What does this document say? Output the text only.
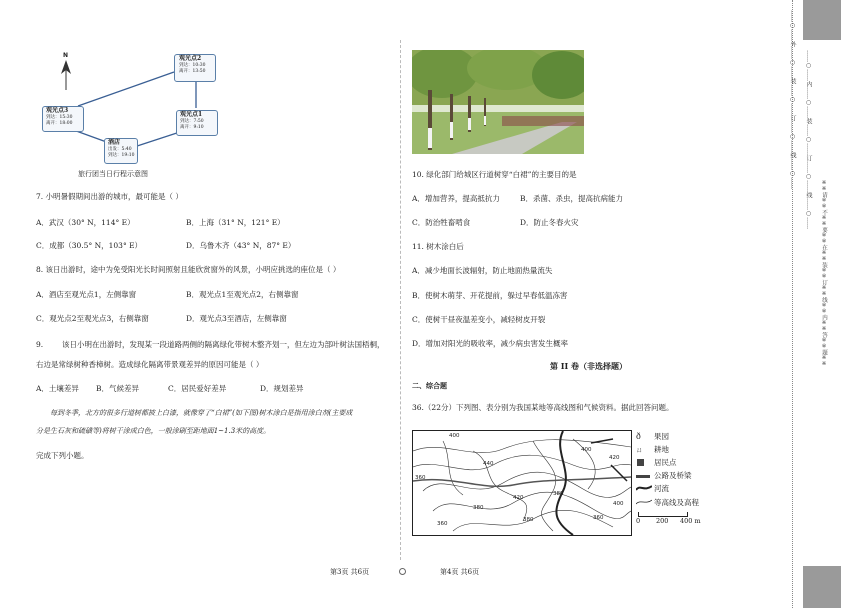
N	观光点2
到达：10:30
离开：13:50
观光点3
到达：15:30
离开：18:00
观光点1
到达：7:50
离开：9:10
酒店
出发：5:40
到达：19:10
旅行团当日行程示意图
7. 小明暑假期间出游的城市，最可能是（ ）
A．武汉（30° N，114° E）	B．上海（31° N，121° E）
C．成都（30.5° N，103° E）	D．乌鲁木齐（43° N，87° E）
8. 该日出游时，途中为免受阳光长时间照射且能欣赏窗外的风景，小明应挑选的座位是（ ）
A．酒店至观光点1，左侧靠窗	B．观光点1至观光点2，右侧靠窗
C．观光点2至观光点3，右侧靠窗	D．观光点3至酒店，左侧靠窗
9.	该日小明在出游时，发现某一段道路两侧的隔离绿化带树木整齐划一，但左边为部叶树法国梧桐，
右边是常绿树种香樟树。造成绿化隔离带景观差异的原因可能是（ ）
A．土壤差异 B．气候差异	C．居民爱好差异	D．规划差异
每到冬季，北方的很多行道树都披上白漆，就像穿了“白裙”(如下图)树木涂白是指用涂白剂(主要成
分是生石灰和硫磺等)将树干涂成白色，一般涂刷至距地面1~1.3米的高度。
完成下列小题。
10. 绿化部门给城区行道树穿“白裙”的主要目的是
A．增加营养，提高抵抗力	B．杀菌、杀虫，提高抗病能力
C．防治牲畜啃食	D．防止冬春火灾
11. 树木涂白后
A．减少地面长波辐射，防止地面热量流失
B．使树木萌芽、开花提前，躲过早春低温冻害
C．使树干昼夜温差变小，减轻树皮开裂
D．增加对阳光的吸收率，减少病虫害发生概率
第 II 卷（非选择题）
二、综合题
36.（22分）下列图、表分别为我国某地等高线图和气候资料。据此回答问题。
400
440
360
360
380
380
420
380
400
420
360
400
ð 果园
ㄩ 耕地
居民点
公路及桥梁
河流
等高线及高程
0 200 400 m
第3页 共6页	第4页 共6页
……○……外……○……装……○……订……○……线……○…… ……○……内……○……装……○……订……○……线……○……
※※请※※不※※要※※在※※装※※订※※线※※内※※答※※题※※
